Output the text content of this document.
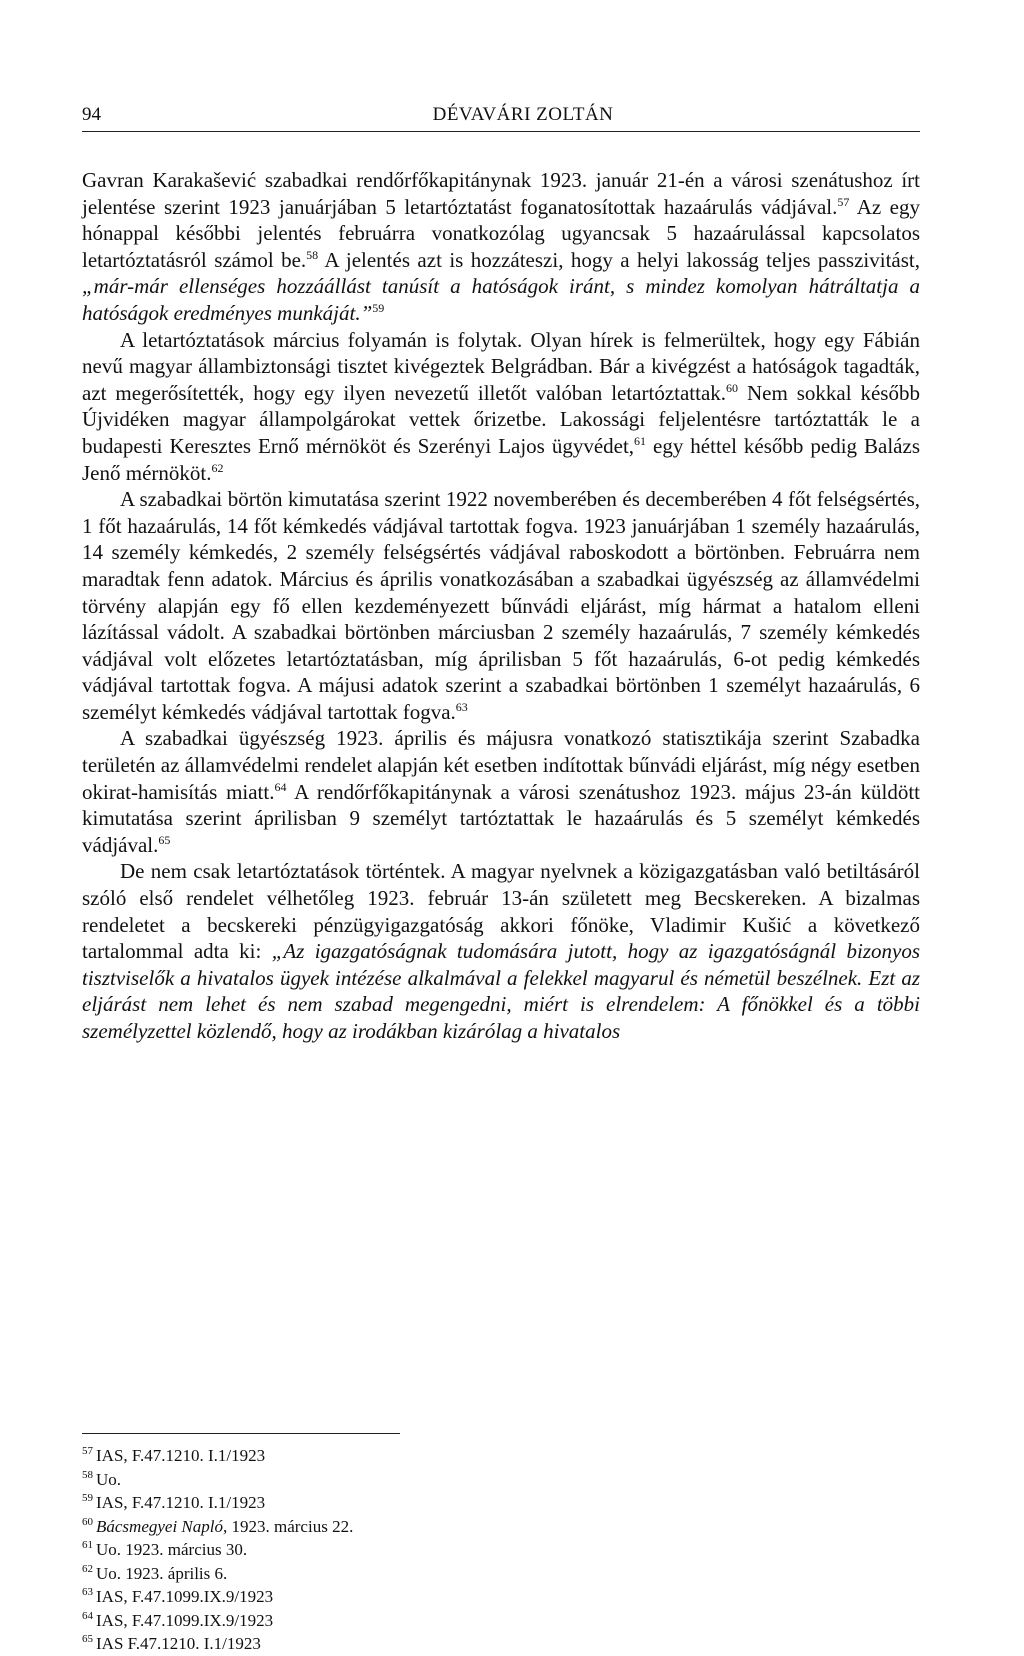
94	DÉVAVÁRI ZOLTÁN

Gavran Karakašević szabadkai rendőrfőkapitánynak 1923. január 21-én a városi szenátushoz írt jelentése szerint 1923 januárjában 5 letartóztatást foganatosítottak hazaárulás vádjával.$^{57}$ Az egy hónappal későbbi jelentés februárra vonatkozólag ugyancsak 5 hazaárulással kapcsolatos letartóztatásról számol be.$^{58}$ A jelentés azt is hozzáteszi, hogy a helyi lakosság teljes passzivitást, „már-már ellenséges hozzáállást tanúsít a hatóságok iránt, s mindez komolyan hátráltatja a hatóságok eredményes munkáját.”$^{59}$

A letartóztatások március folyamán is folytak. Olyan hírek is felmerültek, hogy egy Fábián nevű magyar állambiztonsági tisztet kivégeztek Belgrádban. Bár a kivégzést a hatóságok tagadták, azt megerősítették, hogy egy ilyen nevezetű illetőt valóban letartóztattak.$^{60}$ Nem sokkal később Újvidéken magyar állampolgárokat vettek őrizetbe. Lakossági feljelentésre tartóztatták le a budapesti Keresztes Ernő mérnököt és Szerényi Lajos ügyvédet,$^{61}$ egy héttel később pedig Balázs Jenő mérnököt.$^{62}$

A szabadkai börtön kimutatása szerint 1922 novemberében és decemberében 4 főt felségsértés, 1 főt hazaárulás, 14 főt kémkedés vádjával tartottak fogva. 1923 januárjában 1 személy hazaárulás, 14 személy kémkedés, 2 személy felségsértés vádjával raboskodott a börtönben. Februárra nem maradtak fenn adatok. Március és április vonatkozásában a szabadkai ügyészség az államvédelmi törvény alapján egy fő ellen kezdeményezett bűnvádi eljárást, míg hármat a hatalom elleni lázítással vádolt. A szabadkai börtönben márciusban 2 személy hazaárulás, 7 személy kémkedés vádjával volt előzetes letartóztatásban, míg áprilisban 5 főt hazaárulás, 6-ot pedig kémkedés vádjával tartottak fogva. A májusi adatok szerint a szabadkai börtönben 1 személyt hazaárulás, 6 személyt kémkedés vádjával tartottak fogva.$^{63}$

A szabadkai ügyészség 1923. április és májusra vonatkozó statisztikája szerint Szabadka területén az államvédelmi rendelet alapján két esetben indítottak bűnvádi eljárást, míg négy esetben okirat-hamisítás miatt.$^{64}$ A rendőrfőkapitánynak a városi szenátushoz 1923. május 23-án küldött kimutatása szerint áprilisban 9 személyt tartóztattak le hazaárulás és 5 személyt kémkedés vádjával.$^{65}$

De nem csak letartóztatások történtek. A magyar nyelvnek a közigazgatásban való betiltásáról szóló első rendelet vélhetőleg 1923. február 13-án született meg Becskereken. A bizalmas rendeletet a becskereki pénzügyigazgatóság akkori főnöke, Vladimir Kušić a következő tartalommal adta ki: „Az igazgatóságnak tudomására jutott, hogy az igazgatóságnál bizonyos tisztviselők a hivatalos ügyek intézése alkalmával a felekkel magyarul és németül beszélnek. Ezt az eljárást nem lehet és nem szabad megengedni, miért is elrendelem: A főnökkel és a többi személyzettel közlendő, hogy az irodákban kizárólag a hivatalos

$^{57}$ IAS, F.47.1210. I.1/1923
$^{58}$ Uo.
$^{59}$ IAS, F.47.1210. I.1/1923
$^{60}$ Bácsmegyei Napló, 1923. március 22.
$^{61}$ Uo. 1923. március 30.
$^{62}$ Uo. 1923. április 6.
$^{63}$ IAS, F.47.1099.IX.9/1923
$^{64}$ IAS, F.47.1099.IX.9/1923
$^{65}$ IAS F.47.1210. I.1/1923
